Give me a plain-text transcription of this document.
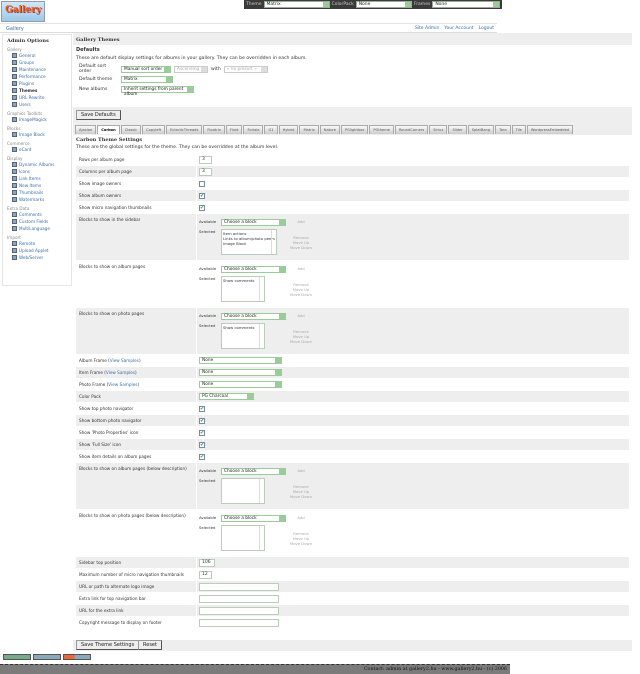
Gallery
Theme	Matrix	ColorPack	None	Frames	None
Gallery	Site Admin Your Account Logout
Admin Options
Gallery
General
Groups
Maintenance
Performance
Plugins
Themes
URL Rewrite
Users
Graphics Toolkits
ImageMagick
Blocks
Image Block
Commerce
eCard
Display
Dynamic Albums
Icons
Link Items
New Items
Thumbnails
Watermarks
Extra Data
Comments
Custom Fields
MultiLanguage
Import
Remote
Upload Applet
Web/Server
Gallery Themes
Defaults
These are default display settings for albums in your gallery. They can be overridden in each album.
Default sort order	Manual sort order	Ascending	with	« no presort »
Default theme	Matrix
New albums	Inherit settings from parent album
Save Defaults
Ajaxian	Carbon	Classic	Copyleft	EclecticThreads	Floatrix	Fluid	Forlala	G1	Hybrid	Matrix	Nature	PGlightbox	PGtheme	RoundCorners	Siriux	Slider	SplatBang	Tora	Tile	WordpressEmbedded
Carbon Theme Settings
These are the global settings for the theme. They can be overridden at the album level.
Rows per album page	3
Columns per album page	3
Show image owners
Show album owners	✔
Show micro navigation thumbnails	✔
Blocks to show in the sidebar	Available	Choose a block	Add
Selected	Item actions
Links to album/photo peers
Image Block
Remove
Move Up
Move Down
Blocks to show on album pages	Available	Choose a block	Add
Selected	Show comments
Remove
Move Up
Move Down
Blocks to show on photo pages	Available	Choose a block	Add
Selected	Show comments
Remove
Move Up
Move Down
Album Frame (View Samples)	None
Item Frame (View Samples)	None
Photo Frame (View Samples)	None
Color Pack	PG Charcoal
Show top photo navigator	✔
Show bottom photo navigator	✔
Show 'Photo Properties' icon	✔
Show 'Full Size' icon	✔
Show item details on album pages	✔
Blocks to show on album pages (below description)	Available	Choose a block	Add
Selected
Remove
Move Up
Move Down
Blocks to show on photo pages (below description)	Available	Choose a block	Add
Selected
Remove
Move Up
Move Down
Sidebar top position	106
Maximum number of micro navigation thumbnails	12
URL or path to alternate logo image
Extra link for top navigation bar
URL for the extra link
Copyright message to display on footer
Save Theme Settings	Reset
Contact: admin at gallery2.hu - www.gallery2.hu - (c) 2006
